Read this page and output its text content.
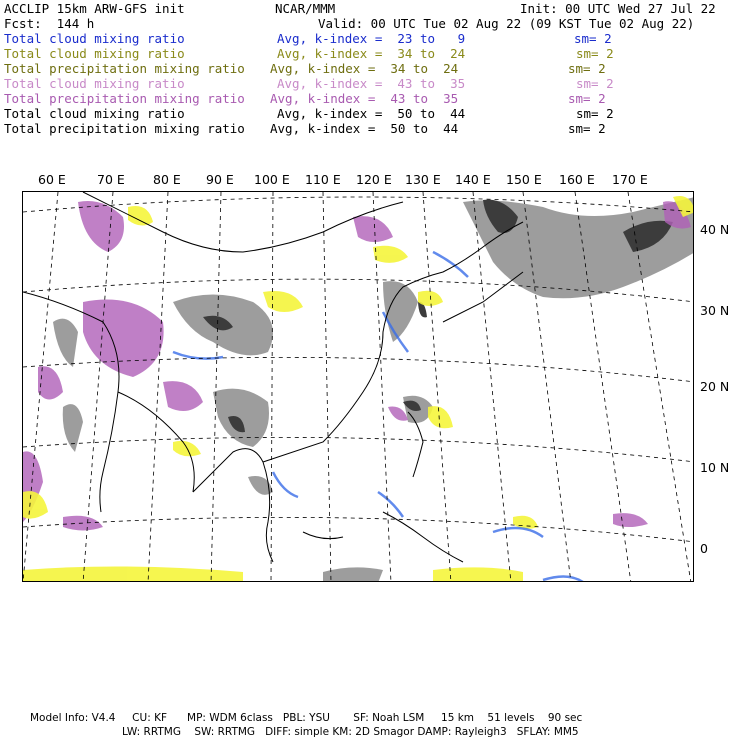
ACCLIP 15km ARW-GFS init	NCAR/MMM	Init: 00 UTC Wed 27 Jul 22
Fcst:  144 h	Valid: 00 UTC Tue 02 Aug 22 (09 KST Tue 02 Aug 22)
Total cloud mixing ratio	Avg, k-index =  23 to   9	sm= 2
Total cloud mixing ratio	Avg, k-index =  34 to  24	sm= 2
Total precipitation mixing ratio Avg, k-index =  34 to  24	sm= 2
Total cloud mixing ratio	Avg, k-index =  43 to  35	sm= 2
Total precipitation mixing ratio Avg, k-index =  43 to  35	sm= 2
Total cloud mixing ratio	Avg, k-index =  50 to  44	sm= 2
Total precipitation mixing ratio Avg, k-index =  50 to  44	sm= 2
60 E 70 E 80 E 90 E 100 E 110 E 120 E 130 E 140 E 150 E 160 E 170 E
40 N
30 N
20 N
10 N
0
Model Info: V4.4     CU: KF      MP: WDM 6class   PBL: YSU       SF: Noah LSM     15 km    51 levels    90 sec
LW: RRTMG    SW: RRTMG   DIFF: simple KM: 2D Smagor DAMP: Rayleigh3   SFLAY: MM5
